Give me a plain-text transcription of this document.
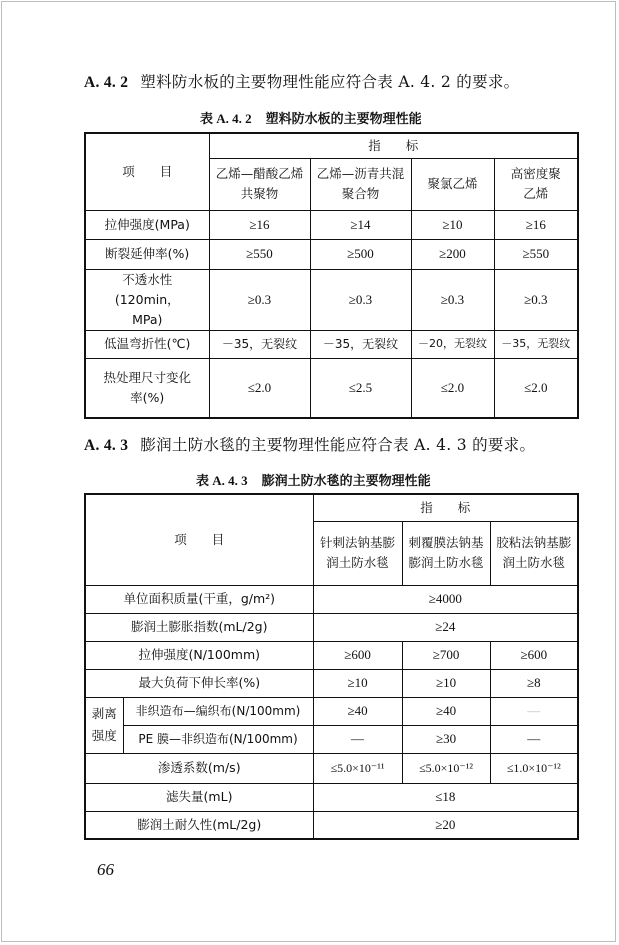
A. 4. 2 塑料防水板的主要物理性能应符合表 A. 4. 2 的要求。
表 A. 4. 2 塑料防水板的主要物理性能
项　　目	指　　标			

	乙烯—醋酸乙烯共聚物	乙烯—沥青共混聚合物	聚氯乙烯	高密度聚乙烯

拉伸强度(MPa)	≥16	≥14	≥10	≥16
断裂延伸率(%)	≥550	≥500	≥200	≥550

不透水性(120min，MPa)	≥0.3	≥0.3	≥0.3	≥0.3
低温弯折性(℃)	－35，无裂纹	－35，无裂纹	－20，无裂纹	－35，无裂纹

热处理尺寸变化率(%)	≤2.0	≤2.5	≤2.0	≤2.0
A. 4. 3 膨润土防水毯的主要物理性能应符合表 A. 4. 3 的要求。
表 A. 4. 3 膨润土防水毯的主要物理性能
项　　目		指　　标		

		针刺法钠基膨润土防水毯	刺覆膜法钠基膨润土防水毯	胶粘法钠基膨润土防水毯

单位面积质量(干重，g/m²)		≥4000		
膨润土膨胀指数(mL/2g)		≥24		
拉伸强度(N/100mm)		≥600	≥700	≥600
最大负荷下伸长率(%)		≥10	≥10	≥8

剥离强度	非织造布—编织布(N/100mm)	≥40	≥40	—
	PE 膜—非织造布(N/100mm)	—	≥30	—
渗透系数(m/s)		≤5.0×10⁻¹¹	≤5.0×10⁻¹²	≤1.0×10⁻¹²
滤失量(mL)		≤18		
膨润土耐久性(mL/2g)		≥20		
66
